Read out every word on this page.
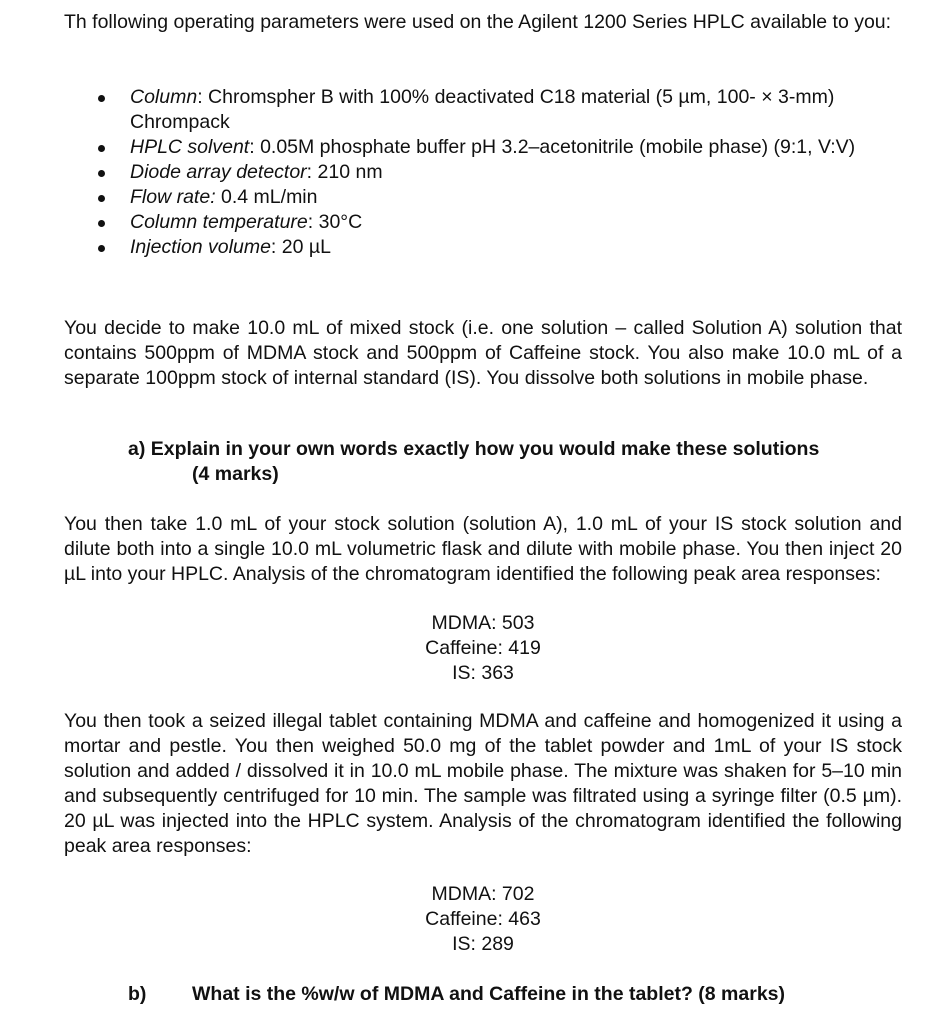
Th following operating parameters were used on the Agilent 1200 Series HPLC available to you:
Column: Chromspher B with 100% deactivated C18 material (5 µm, 100- × 3-mm) Chrompack
HPLC solvent: 0.05M phosphate buffer pH 3.2–acetonitrile (mobile phase) (9:1, V:V)
Diode array detector: 210 nm
Flow rate: 0.4 mL/min
Column temperature: 30°C
Injection volume: 20 µL
You decide to make 10.0 mL of mixed stock (i.e. one solution – called Solution A) solution that contains 500ppm of MDMA stock and 500ppm of Caffeine stock. You also make 10.0 mL of a separate 100ppm stock of internal standard (IS). You dissolve both solutions in mobile phase.
a) Explain in your own words exactly how you would make these solutions
(4 marks)
You then take 1.0 mL of your stock solution (solution A), 1.0 mL of your IS stock solution and dilute both into a single 10.0 mL volumetric flask and dilute with mobile phase. You then inject 20 µL into your HPLC. Analysis of the chromatogram identified the following peak area responses:
MDMA: 503
Caffeine: 419
IS: 363
You then took a seized illegal tablet containing MDMA and caffeine and homogenized it using a mortar and pestle. You then weighed 50.0 mg of the tablet powder and 1mL of your IS stock solution and added / dissolved it in 10.0 mL mobile phase. The mixture was shaken for 5–10 min and subsequently centrifuged for 10 min. The sample was filtrated using a syringe filter (0.5 µm). 20 µL was injected into the HPLC system. Analysis of the chromatogram identified the following peak area responses:
MDMA: 702
Caffeine: 463
IS: 289
b) What is the %w/w of MDMA and Caffeine in the tablet? (8 marks)
